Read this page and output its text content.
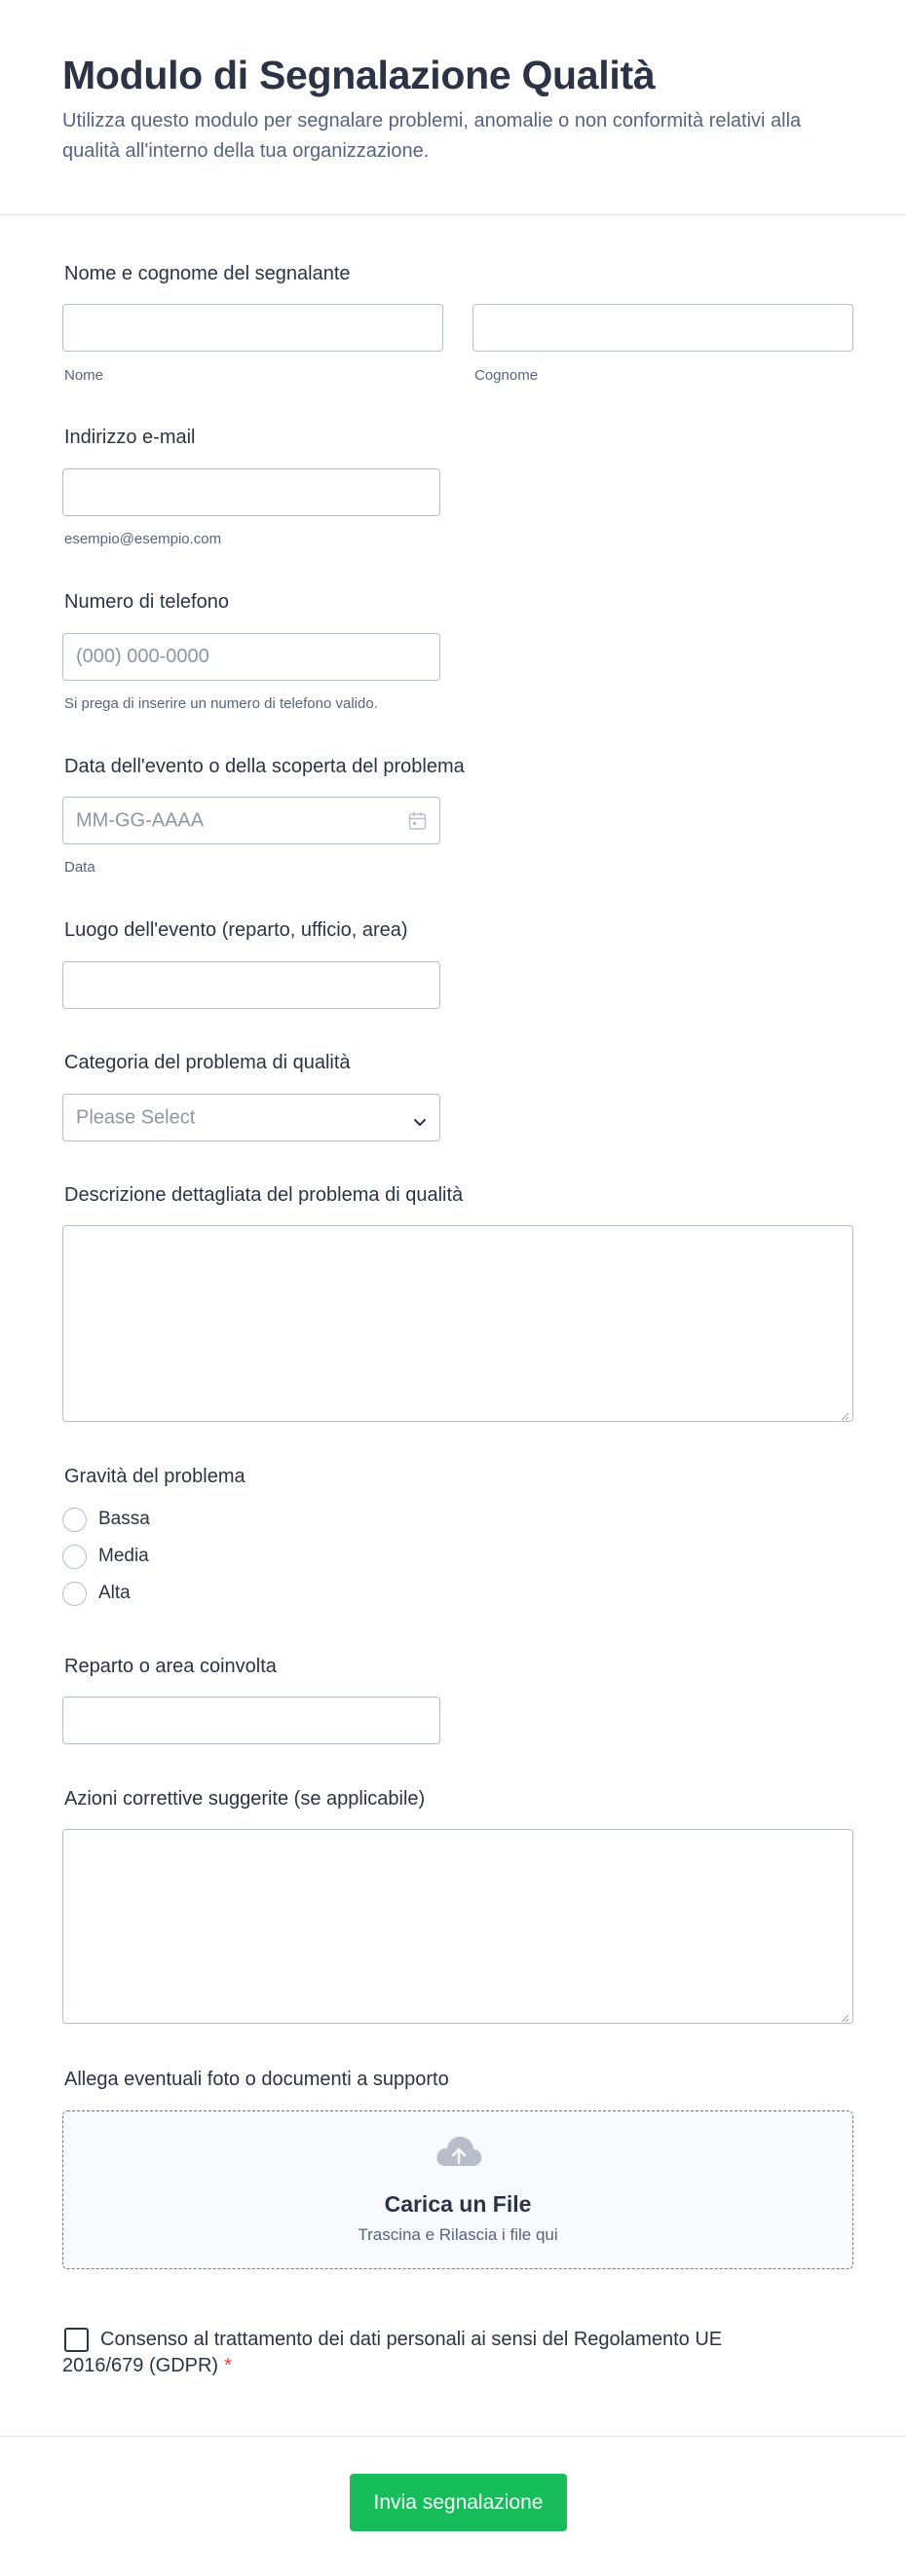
Modulo di Segnalazione Qualità

Utilizza questo modulo per segnalare problemi, anomalie o non conformità relativi alla qualità all'interno della tua organizzazione.

Nome e cognome del segnalante
Nome	Cognome
Indirizzo e-mail
esempio@esempio.com
Numero di telefono
(000) 000-0000
Si prega di inserire un numero di telefono valido.
Data dell'evento o della scoperta del problema
MM-GG-AAAA
Data
Luogo dell'evento (reparto, ufficio, area)
Categoria del problema di qualità
Please Select
Descrizione dettagliata del problema di qualità
Gravità del problema
Bassa
Media
Alta
Reparto o area coinvolta
Azioni correttive suggerite (se applicabile)
Allega eventuali foto o documenti a supporto
Carica un File
Trascina e Rilascia i file qui
Consenso al trattamento dei dati personali ai sensi del Regolamento UE 2016/679 (GDPR) *
Invia segnalazione
